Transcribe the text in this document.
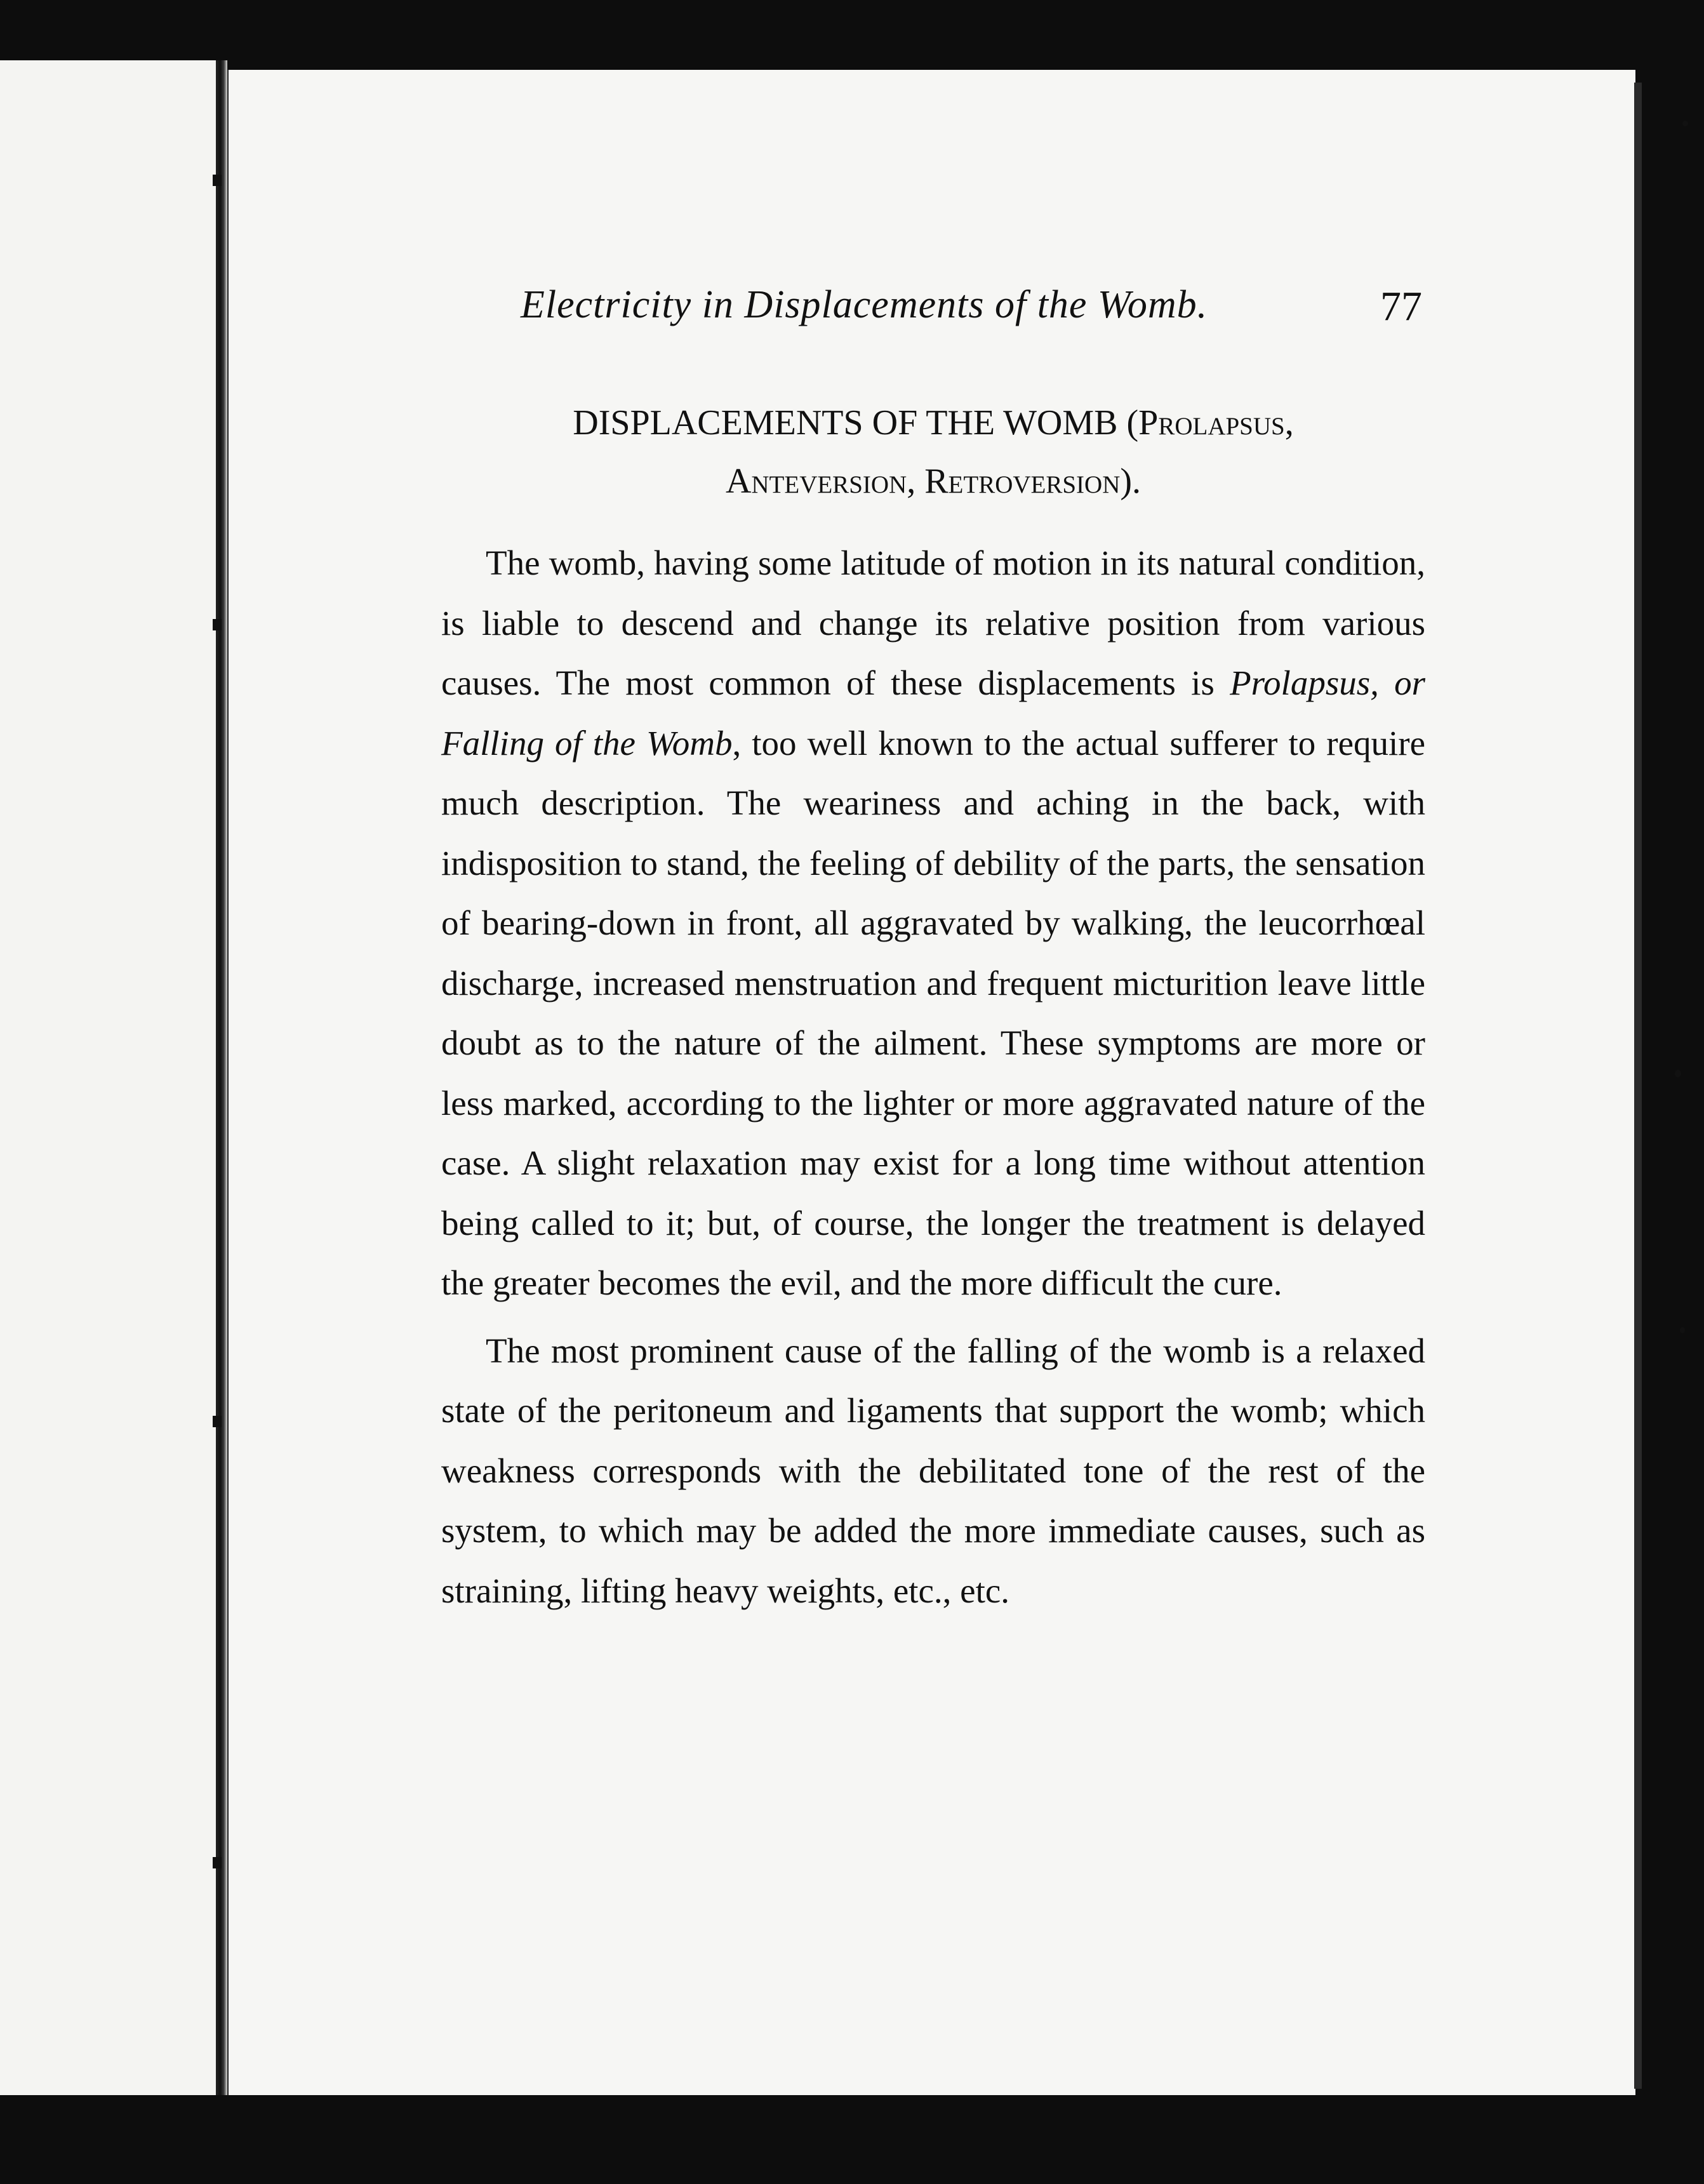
Electricity in Displacements of the Womb.	77
DISPLACEMENTS OF THE WOMB (Prolapsus,
Anteversion, Retroversion).

The womb, having some latitude of motion in its natural condition, is liable to descend and change its relative position from various causes. The most common of these displacements is Prolapsus, or Falling of the Womb, too well known to the actual sufferer to require much description. The weariness and aching in the back, with indisposition to stand, the feeling of debility of the parts, the sensation of bearing-down in front, all aggravated by walking, the leucorrhœal discharge, increased menstruation and frequent micturition leave little doubt as to the nature of the ailment. These symptoms are more or less marked, according to the lighter or more aggravated nature of the case. A slight relaxation may exist for a long time without attention being called to it; but, of course, the longer the treatment is delayed the greater becomes the evil, and the more difficult the cure.

The most prominent cause of the falling of the womb is a relaxed state of the peritoneum and ligaments that support the womb; which weakness corresponds with the debilitated tone of the rest of the system, to which may be added the more immediate causes, such as straining, lifting heavy weights, etc., etc.
